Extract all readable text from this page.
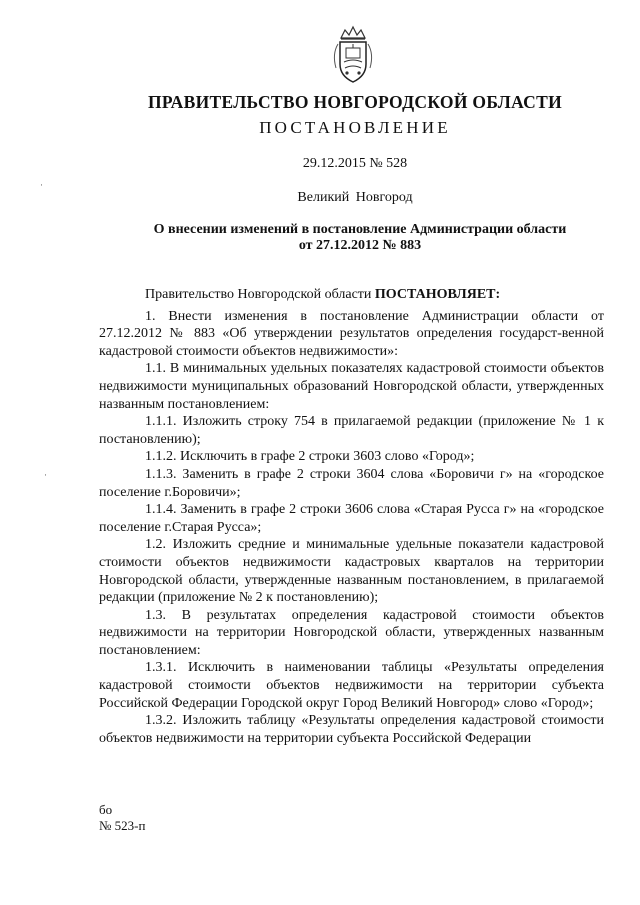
ПРАВИТЕЛЬСТВО НОВГОРОДСКОЙ ОБЛАСТИ
ПОСТАНОВЛЕНИЕ
29.12.2015 № 528
Великий Новгород
О внесении изменений в постановление Администрации области
от 27.12.2012 № 883

Правительство Новгородской области ПОСТАНОВЛЯЕТ:

1. Внести изменения в постановление Администрации области от 27.12.2012 № 883 «Об утверждении результатов определения государст-венной кадастровой стоимости объектов недвижимости»:

1.1. В минимальных удельных показателях кадастровой стоимости объектов недвижимости муниципальных образований Новгородской области, утвержденных названным постановлением:

1.1.1. Изложить строку 754 в прилагаемой редакции (приложение № 1 к постановлению);

1.1.2. Исключить в графе 2 строки 3603 слово «Город»;

1.1.3. Заменить в графе 2 строки 3604 слова «Боровичи г» на «городское поселение г.Боровичи»;

1.1.4. Заменить в графе 2 строки 3606 слова «Старая Русса г» на «городское поселение г.Старая Русса»;

1.2. Изложить средние и минимальные удельные показатели кадастровой стоимости объектов недвижимости кадастровых кварталов на территории Новгородской области, утвержденные названным постановлением, в прилагаемой редакции (приложение № 2 к постановлению);

1.3. В результатах определения кадастровой стоимости объектов недвижимости на территории Новгородской области, утвержденных названным постановлением:

1.3.1. Исключить в наименовании таблицы «Результаты определения кадастровой стоимости объектов недвижимости на территории субъекта Российской Федерации Городской округ Город Великий Новгород» слово «Город»;

1.3.2. Изложить таблицу «Результаты определения кадастровой стоимости объектов недвижимости на территории субъекта Российской Федерации

бо
№ 523-п
·
·
